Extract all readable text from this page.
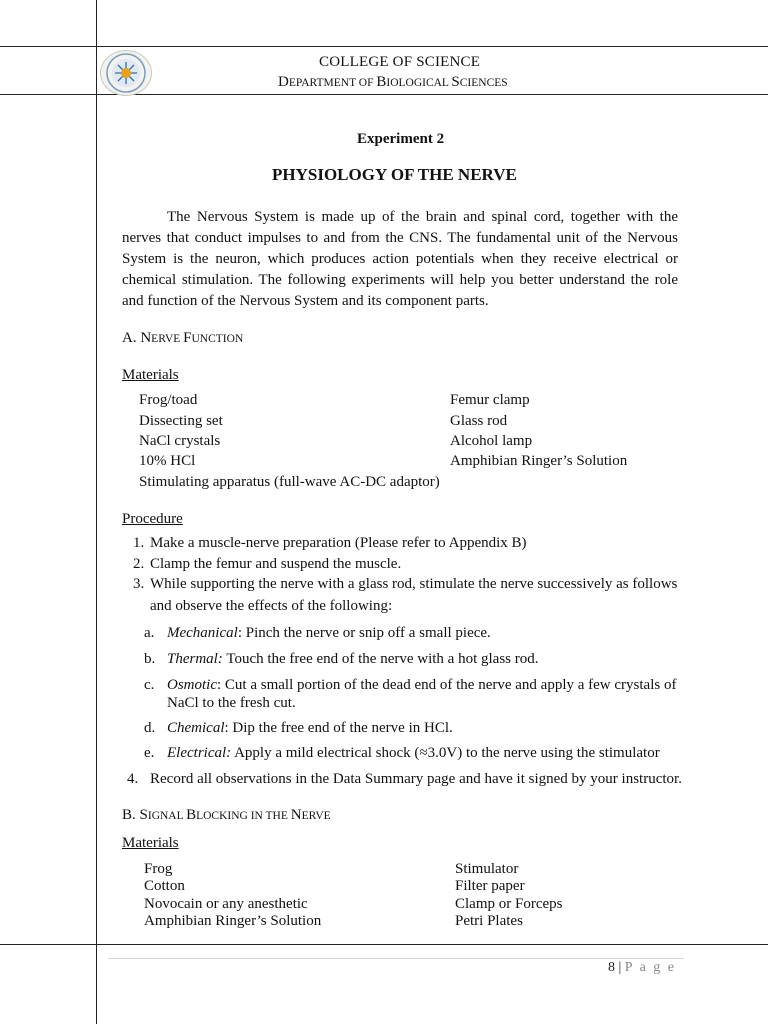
COLLEGE OF SCIENCE
DEPARTMENT OF BIOLOGICAL SCIENCES
Experiment 2
PHYSIOLOGY OF THE NERVE

The Nervous System is made up of the brain and spinal cord, together with the nerves that conduct impulses to and from the CNS. The fundamental unit of the Nervous System is the neuron, which produces action potentials when they receive electrical or chemical stimulation. The following experiments will help you better understand the role and function of the Nervous System and its component parts.

A. NERVE FUNCTION
Materials
Frog/toad
Dissecting set
NaCl crystals
10% HCl
Stimulating apparatus (full-wave AC-DC adaptor)
Femur clamp
Glass rod
Alcohol lamp
Amphibian Ringer’s Solution
Procedure
1. Make a muscle-nerve preparation (Please refer to Appendix B)
2. Clamp the femur and suspend the muscle.
3. While supporting the nerve with a glass rod, stimulate the nerve successively as follows
and observe the effects of the following:
a. Mechanical: Pinch the nerve or snip off a small piece.
b. Thermal: Touch the free end of the nerve with a hot glass rod.
c. Osmotic: Cut a small portion of the dead end of the nerve and apply a few crystals of
NaCl to the fresh cut.
d. Chemical: Dip the free end of the nerve in HCl.
e. Electrical: Apply a mild electrical shock (≈3.0V) to the nerve using the stimulator
4. Record all observations in the Data Summary page and have it signed by your instructor.
B. SIGNAL BLOCKING IN THE NERVE
Materials
Frog
Cotton
Novocain or any anesthetic
Amphibian Ringer’s Solution
Stimulator
Filter paper
Clamp or Forceps
Petri Plates
8 | P a g e
